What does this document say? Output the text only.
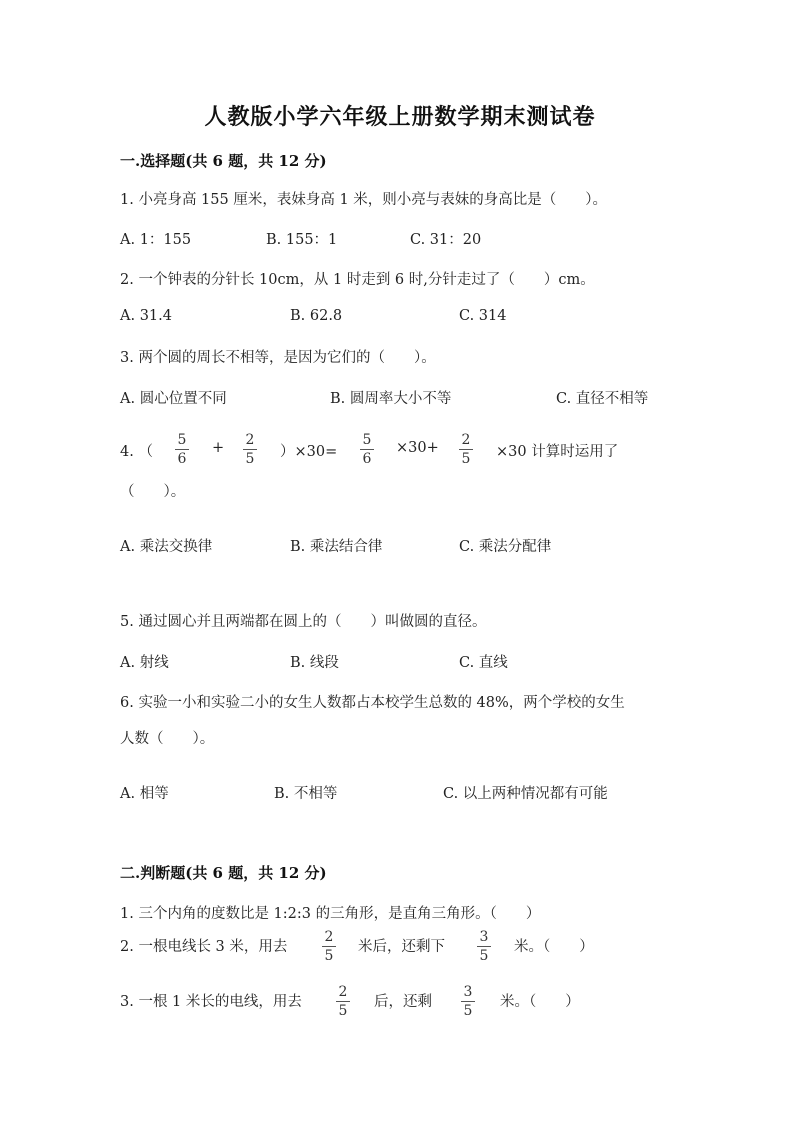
人教版小学六年级上册数学期末测试卷
一.选择题(共 6 题，共 12 分)
1. 小亮身高 155 厘米，表妹身高 1 米，则小亮与表妹的身高比是（　　）。
A. 1：155	B. 155：1	C. 31：20
2. 一个钟表的分针长 10cm，从 1 时走到 6 时,分针走过了（　　）cm。
A. 31.4	B. 62.8	C. 314
3. 两个圆的周长不相等，是因为它们的（　　）。
A. 圆心位置不同	B. 圆周率大小不等	C. 直径不相等
4. （
5
6
+ 2
5 ）×30=
5
6
×30+ 2
5 ×30 计算时运用了
（　　）。
A. 乘法交换律	B. 乘法结合律	C. 乘法分配律
5. 通过圆心并且两端都在圆上的（　　）叫做圆的直径。
A. 射线	B. 线段	C. 直线
6. 实验一小和实验二小的女生人数都占本校学生总数的 48%，两个学校的女生
人数（　　）。
A. 相等	B. 不相等	C. 以上两种情况都有可能
二.判断题(共 6 题，共 12 分)
1. 三个内角的度数比是 1:2:3 的三角形，是直角三角形。（　　）
2. 一根电线长 3 米，用去
2
5
米后，还剩下
3
5
米。（　　）
3. 一根 1 米长的电线，用去
2
5
后，还剩
3
5
米。（　　）
